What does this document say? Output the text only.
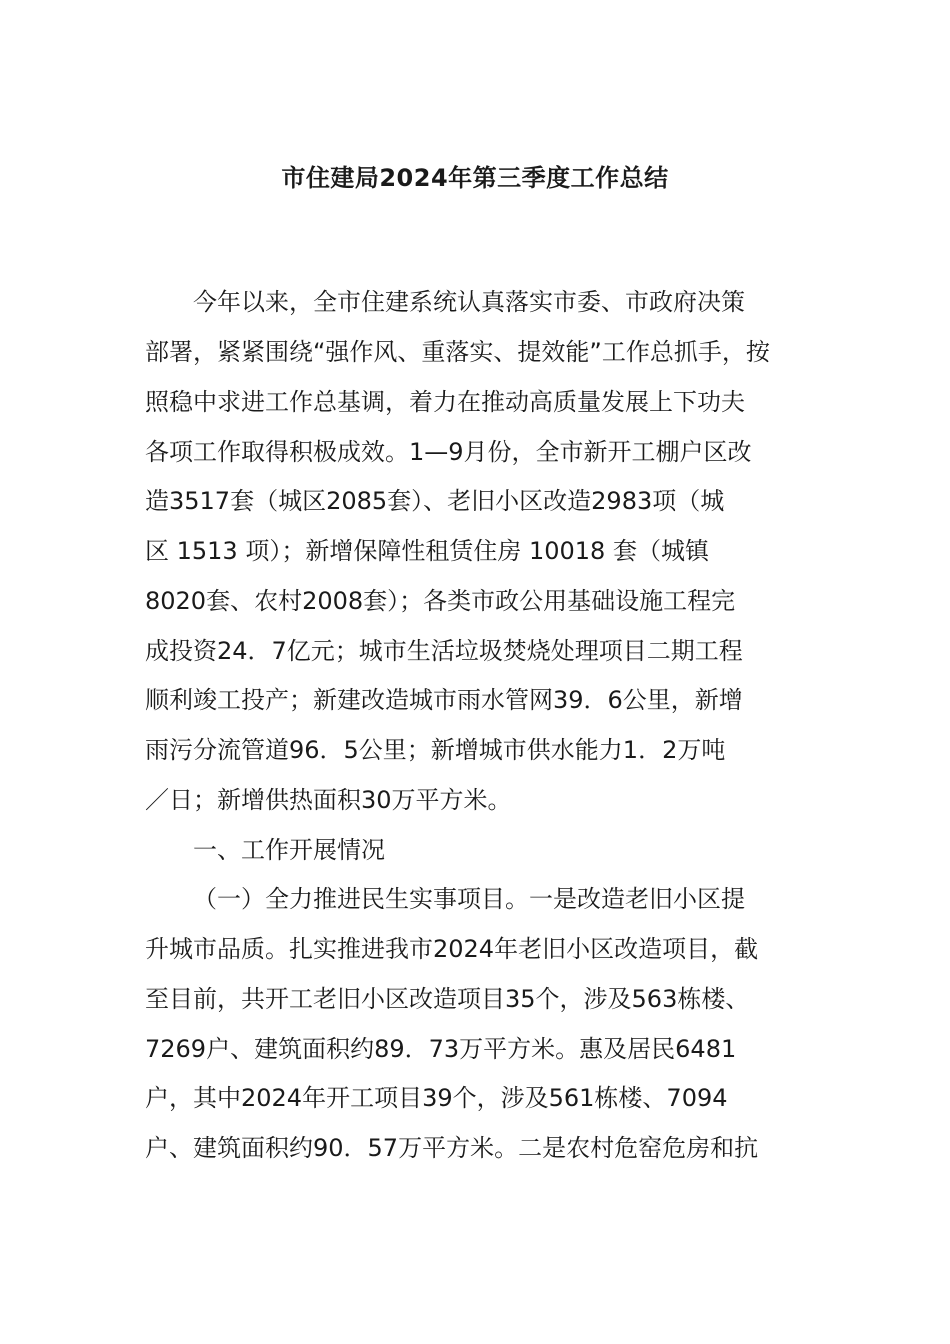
市住建局2024年第三季度工作总结
今年以来，全市住建系统认真落实市委、市政府决策
部署，紧紧围绕“强作风、重落实、提效能”工作总抓手，按
照稳中求进工作总基调，着力在推动高质量发展上下功夫
各项工作取得积极成效。1—9月份，全市新开工棚户区改
造3517套（城区2085套）、老旧小区改造2983项（城
区 1513 项）；新增保障性租赁住房 10018 套（城镇
8020套、农村2008套）；各类市政公用基础设施工程完
成投资24．7亿元；城市生活垃圾焚烧处理项目二期工程
顺利竣工投产；新建改造城市雨水管网39．6公里，新增
雨污分流管道96．5公里；新增城市供水能力1．2万吨
／日；新增供热面积30万平方米。
一、工作开展情况
（一）全力推进民生实事项目。一是改造老旧小区提
升城市品质。扎实推进我市2024年老旧小区改造项目，截
至目前，共开工老旧小区改造项目35个，涉及563栋楼、
7269户、建筑面积约89．73万平方米。惠及居民6481
户，其中2024年开工项目39个，涉及561栋楼、7094
户、建筑面积约90．57万平方米。二是农村危窑危房和抗
